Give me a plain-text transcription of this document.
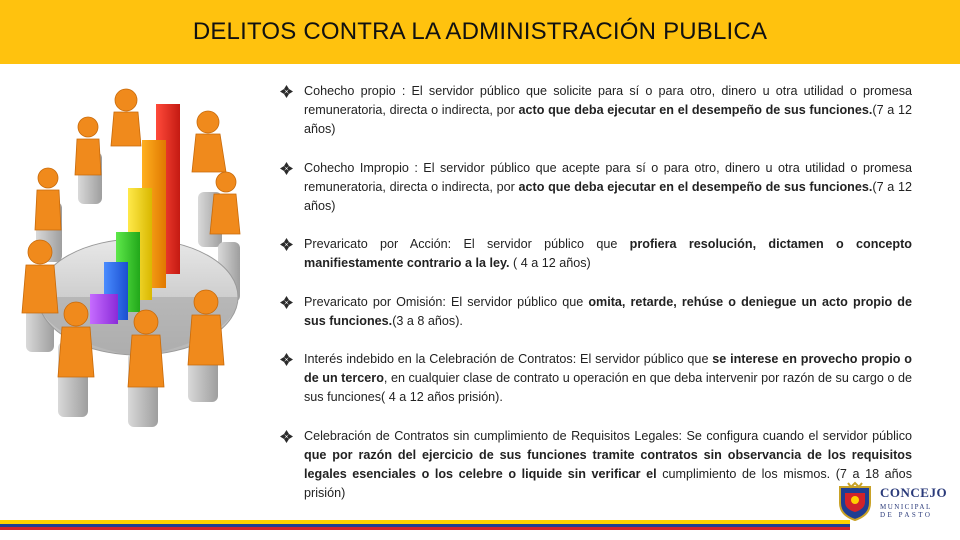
DELITOS CONTRA LA ADMINISTRACIÓN PUBLICA
Cohecho propio : El servidor público que solicite para sí o para otro, dinero u otra utilidad o promesa remuneratoria, directa o indirecta, por acto que deba ejecutar en el desempeño de sus funciones.(7 a 12 años)
Cohecho Impropio : El servidor público que acepte para sí o para otro, dinero u otra utilidad o promesa remuneratoria, directa o indirecta, por acto que deba ejecutar en el desempeño de sus funciones.(7 a 12 años)
Prevaricato por Acción: El servidor público que profiera resolución, dictamen o concepto manifiestamente contrario a la ley. ( 4 a 12 años)
Prevaricato por Omisión: El servidor público que omita, retarde, rehúse o deniegue un acto propio de sus funciones.(3 a 8 años).
Interés indebido en la Celebración de Contratos: El servidor público que se interese en provecho propio o de un tercero, en cualquier clase de contrato u operación en que deba intervenir por razón de su cargo o de sus funciones( 4 a 12 años prisión).
Celebración de Contratos sin cumplimiento de Requisitos Legales: Se configura cuando el servidor público que por razón del ejercicio de sus funciones tramite contratos sin observancia de los requisitos legales esenciales o los celebre o liquide sin verificar el cumplimiento de los mismos. (7 a 18 años prisión)	CONCEJO
MUNICIPAL
DE PASTO
